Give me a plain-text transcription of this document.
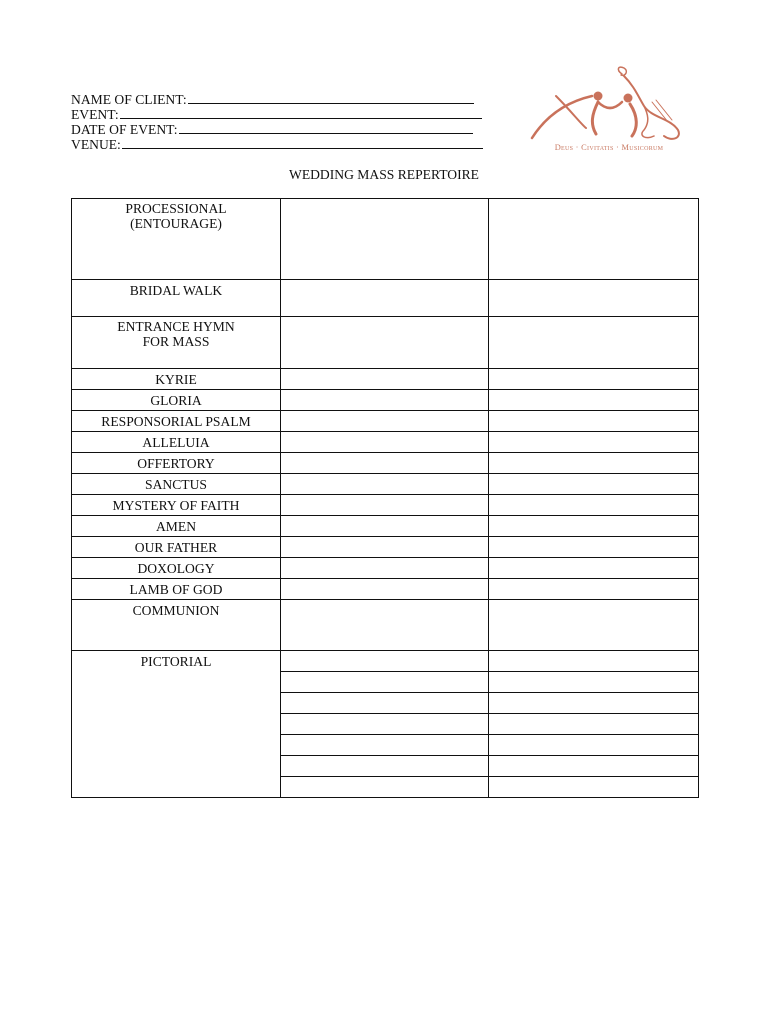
NAME OF CLIENT:
EVENT:
DATE OF EVENT:
VENUE:	Deus · Civitatis · Musicorum
WEDDING MASS REPERTOIRE
PROCESSIONAL
(ENTOURAGE)		

BRIDAL WALK		

ENTRANCE HYMN
FOR MASS		

KYRIE		

GLORIA		

RESPONSORIAL PSALM		

ALLELUIA		

OFFERTORY		

SANCTUS		

MYSTERY OF FAITH		

AMEN		

OUR FATHER		

DOXOLOGY		

LAMB OF GOD		

COMMUNION		

PICTORIAL		
